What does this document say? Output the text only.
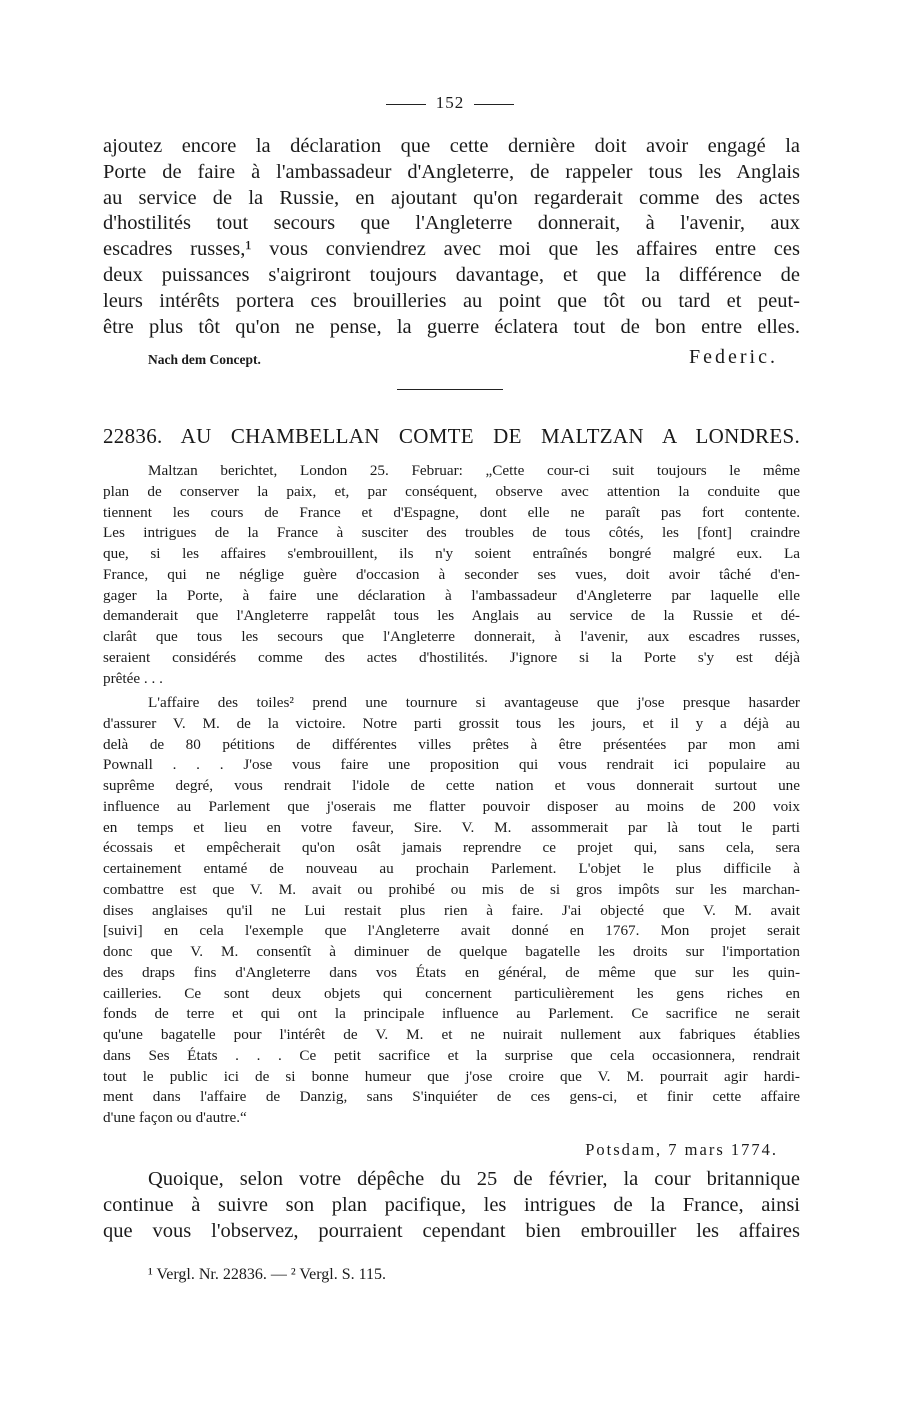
152
ajoutez encore la déclaration que cette dernière doit avoir engagé la
Porte de faire à l'ambassadeur d'Angleterre, de rappeler tous les Anglais
au service de la Russie, en ajoutant qu'on regarderait comme des actes
d'hostilités tout secours que l'Angleterre donnerait, à l'avenir, aux
escadres russes,¹ vous conviendrez avec moi que les affaires entre ces
deux puissances s'aigriront toujours davantage, et que la différence de
leurs intérêts portera ces brouilleries au point que tôt ou tard et peut-
être plus tôt qu'on ne pense, la guerre éclatera tout de bon entre elles.
Nach dem Concept.	Federic.
22836. AU CHAMBELLAN COMTE DE MALTZAN A LONDRES.
Maltzan berichtet, London 25. Februar: „Cette cour-ci suit toujours le même
plan de conserver la paix, et, par conséquent, observe avec attention la conduite que
tiennent les cours de France et d'Espagne, dont elle ne paraît pas fort contente.
Les intrigues de la France à susciter des troubles de tous côtés, les [font] craindre
que, si les affaires s'embrouillent, ils n'y soient entraînés bongré malgré eux. La
France, qui ne néglige guère d'occasion à seconder ses vues, doit avoir tâché d'en-
gager la Porte, à faire une déclaration à l'ambassadeur d'Angleterre par laquelle elle
demanderait que l'Angleterre rappelât tous les Anglais au service de la Russie et dé-
clarât que tous les secours que l'Angleterre donnerait, à l'avenir, aux escadres russes,
seraient considérés comme des actes d'hostilités. J'ignore si la Porte s'y est déjà
prêtée . . .
L'affaire des toiles² prend une tournure si avantageuse que j'ose presque hasarder
d'assurer V. M. de la victoire. Notre parti grossit tous les jours, et il y a déjà au
delà de 80 pétitions de différentes villes prêtes à être présentées par mon ami
Pownall . . . J'ose vous faire une proposition qui vous rendrait ici populaire au
suprême degré, vous rendrait l'idole de cette nation et vous donnerait surtout une
influence au Parlement que j'oserais me flatter pouvoir disposer au moins de 200 voix
en temps et lieu en votre faveur, Sire. V. M. assommerait par là tout le parti
écossais et empêcherait qu'on osât jamais reprendre ce projet qui, sans cela, sera
certainement entamé de nouveau au prochain Parlement. L'objet le plus difficile à
combattre est que V. M. avait ou prohibé ou mis de si gros impôts sur les marchan-
dises anglaises qu'il ne Lui restait plus rien à faire. J'ai objecté que V. M. avait
[suivi] en cela l'exemple que l'Angleterre avait donné en 1767. Mon projet serait
donc que V. M. consentît à diminuer de quelque bagatelle les droits sur l'importation
des draps fins d'Angleterre dans vos États en général, de même que sur les quin-
cailleries. Ce sont deux objets qui concernent particulièrement les gens riches en
fonds de terre et qui ont la principale influence au Parlement. Ce sacrifice ne serait
qu'une bagatelle pour l'intérêt de V. M. et ne nuirait nullement aux fabriques établies
dans Ses États . . . Ce petit sacrifice et la surprise que cela occasionnera, rendrait
tout le public ici de si bonne humeur que j'ose croire que V. M. pourrait agir hardi-
ment dans l'affaire de Danzig, sans S'inquiéter de ces gens-ci, et finir cette affaire
d'une façon ou d'autre.“
Potsdam, 7 mars 1774.
Quoique, selon votre dépêche du 25 de février, la cour britannique
continue à suivre son plan pacifique, les intrigues de la France, ainsi
que vous l'observez, pourraient cependant bien embrouiller les affaires
¹ Vergl. Nr. 22836. — ² Vergl. S. 115.
